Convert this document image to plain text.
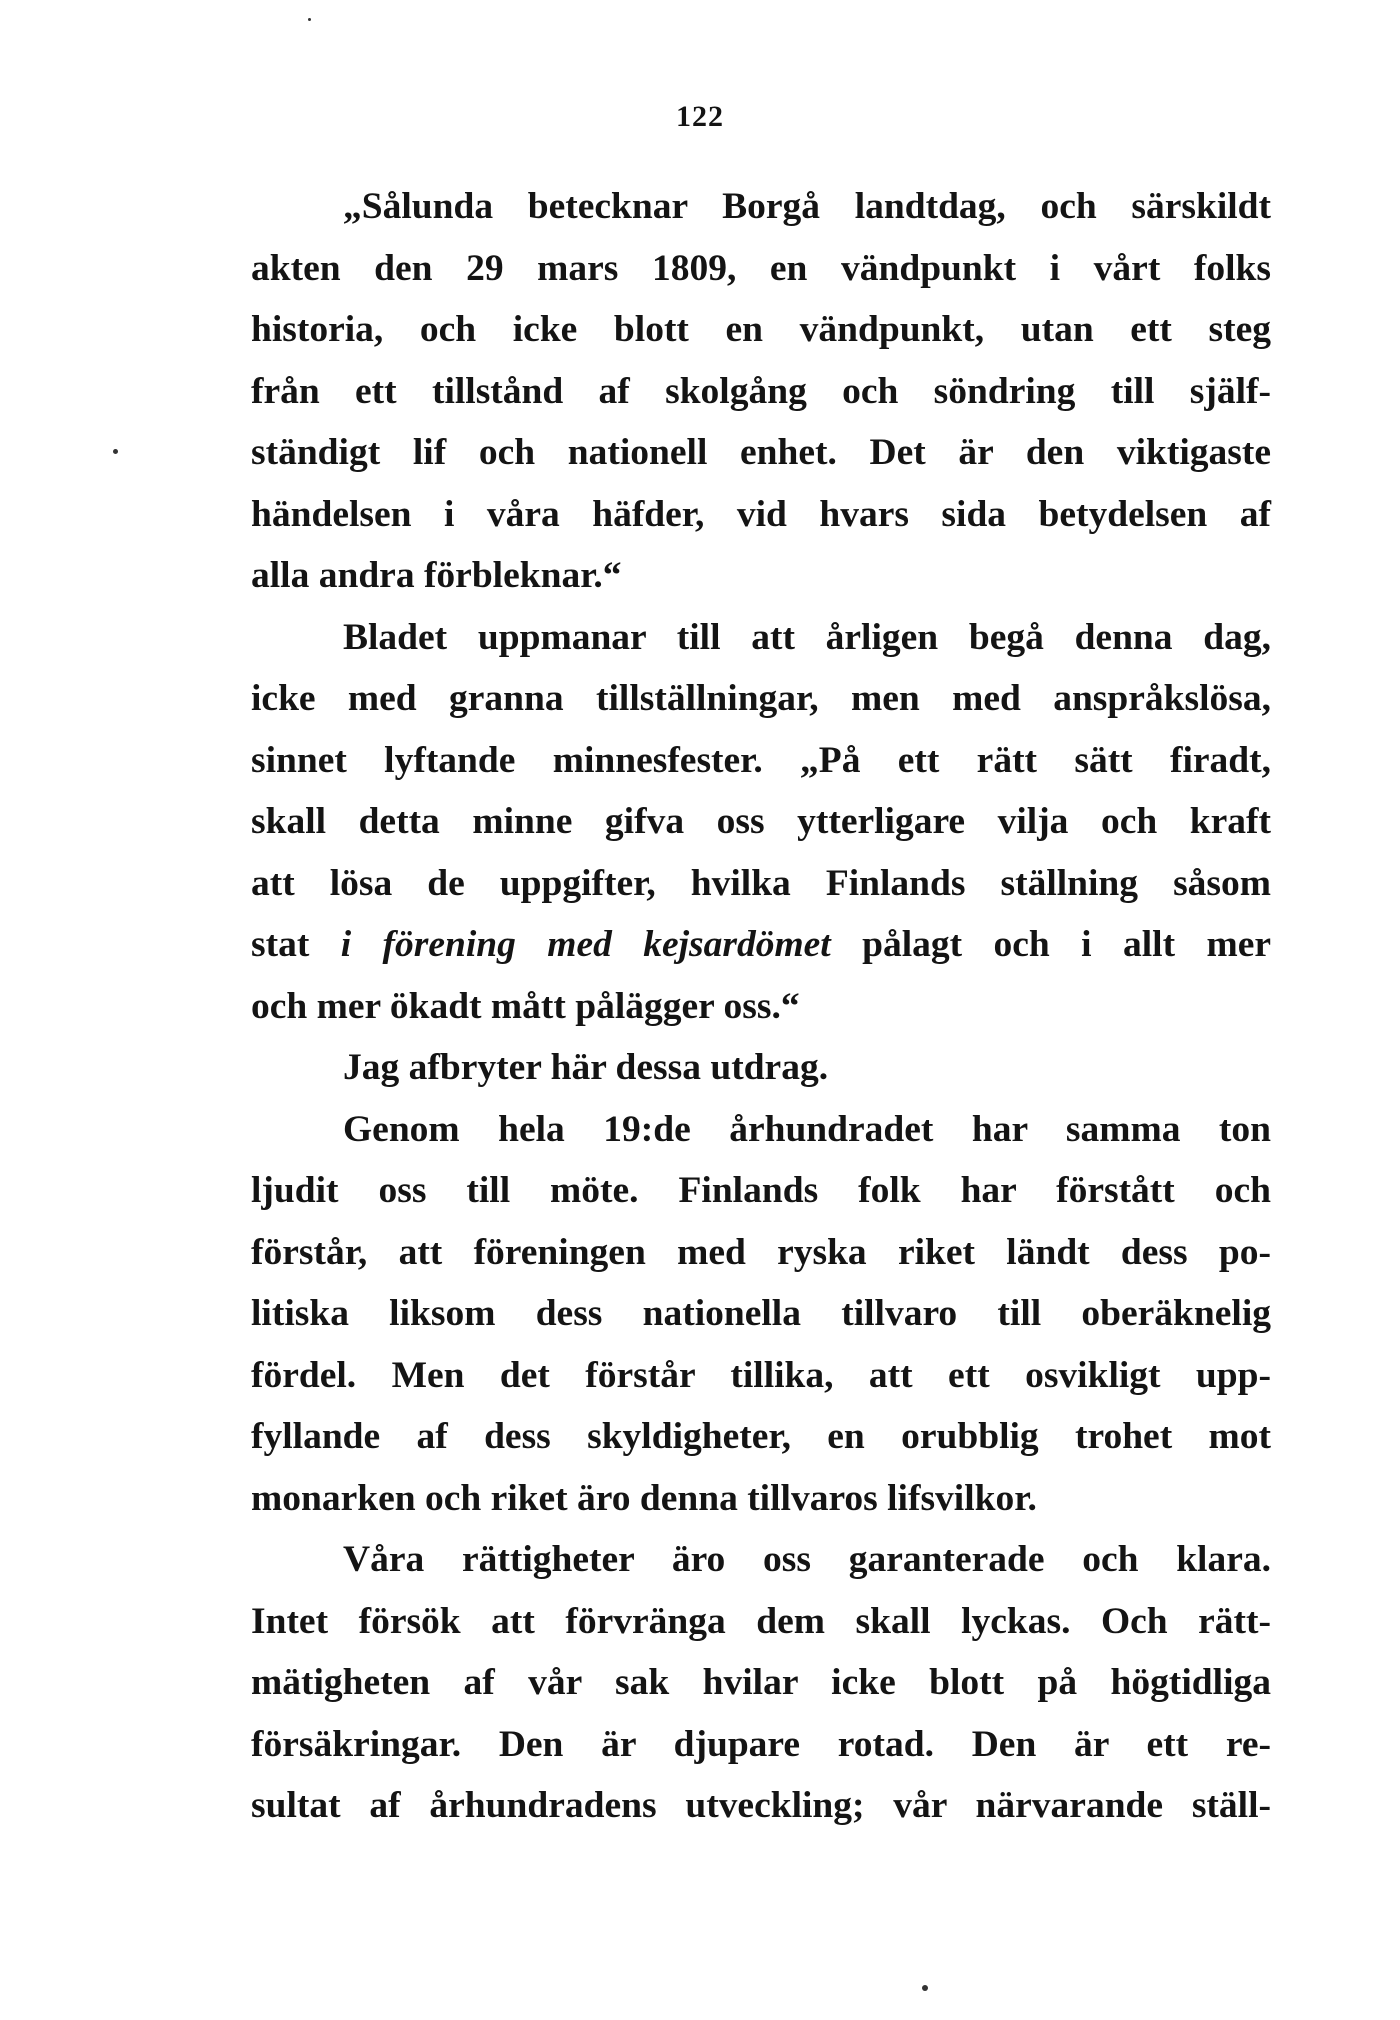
122
„Sålunda betecknar Borgå landtdag, och särskildt
akten den 29 mars 1809, en vändpunkt i vårt folks
historia, och icke blott en vändpunkt, utan ett steg
från ett tillstånd af skolgång och söndring till själf-
ständigt lif och nationell enhet. Det är den viktigaste
händelsen i våra häfder, vid hvars sida betydelsen af
alla andra förbleknar.“
Bladet uppmanar till att årligen begå denna dag,
icke med granna tillställningar, men med anspråkslösa,
sinnet lyftande minnesfester. „På ett rätt sätt firadt,
skall detta minne gifva oss ytterligare vilja och kraft
att lösa de uppgifter, hvilka Finlands ställning såsom
stat i förening med kejsardömet pålagt och i allt mer
och mer ökadt mått pålägger oss.“
Jag afbryter här dessa utdrag.
Genom hela 19:de århundradet har samma ton
ljudit oss till möte. Finlands folk har förstått och
förstår, att föreningen med ryska riket ländt dess po-
litiska liksom dess nationella tillvaro till oberäknelig
fördel. Men det förstår tillika, att ett osvikligt upp-
fyllande af dess skyldigheter, en orubblig trohet mot
monarken och riket äro denna tillvaros lifsvilkor.
Våra rättigheter äro oss garanterade och klara.
Intet försök att förvränga dem skall lyckas. Och rätt-
mätigheten af vår sak hvilar icke blott på högtidliga
försäkringar. Den är djupare rotad. Den är ett re-
sultat af århundradens utveckling; vår närvarande ställ-
